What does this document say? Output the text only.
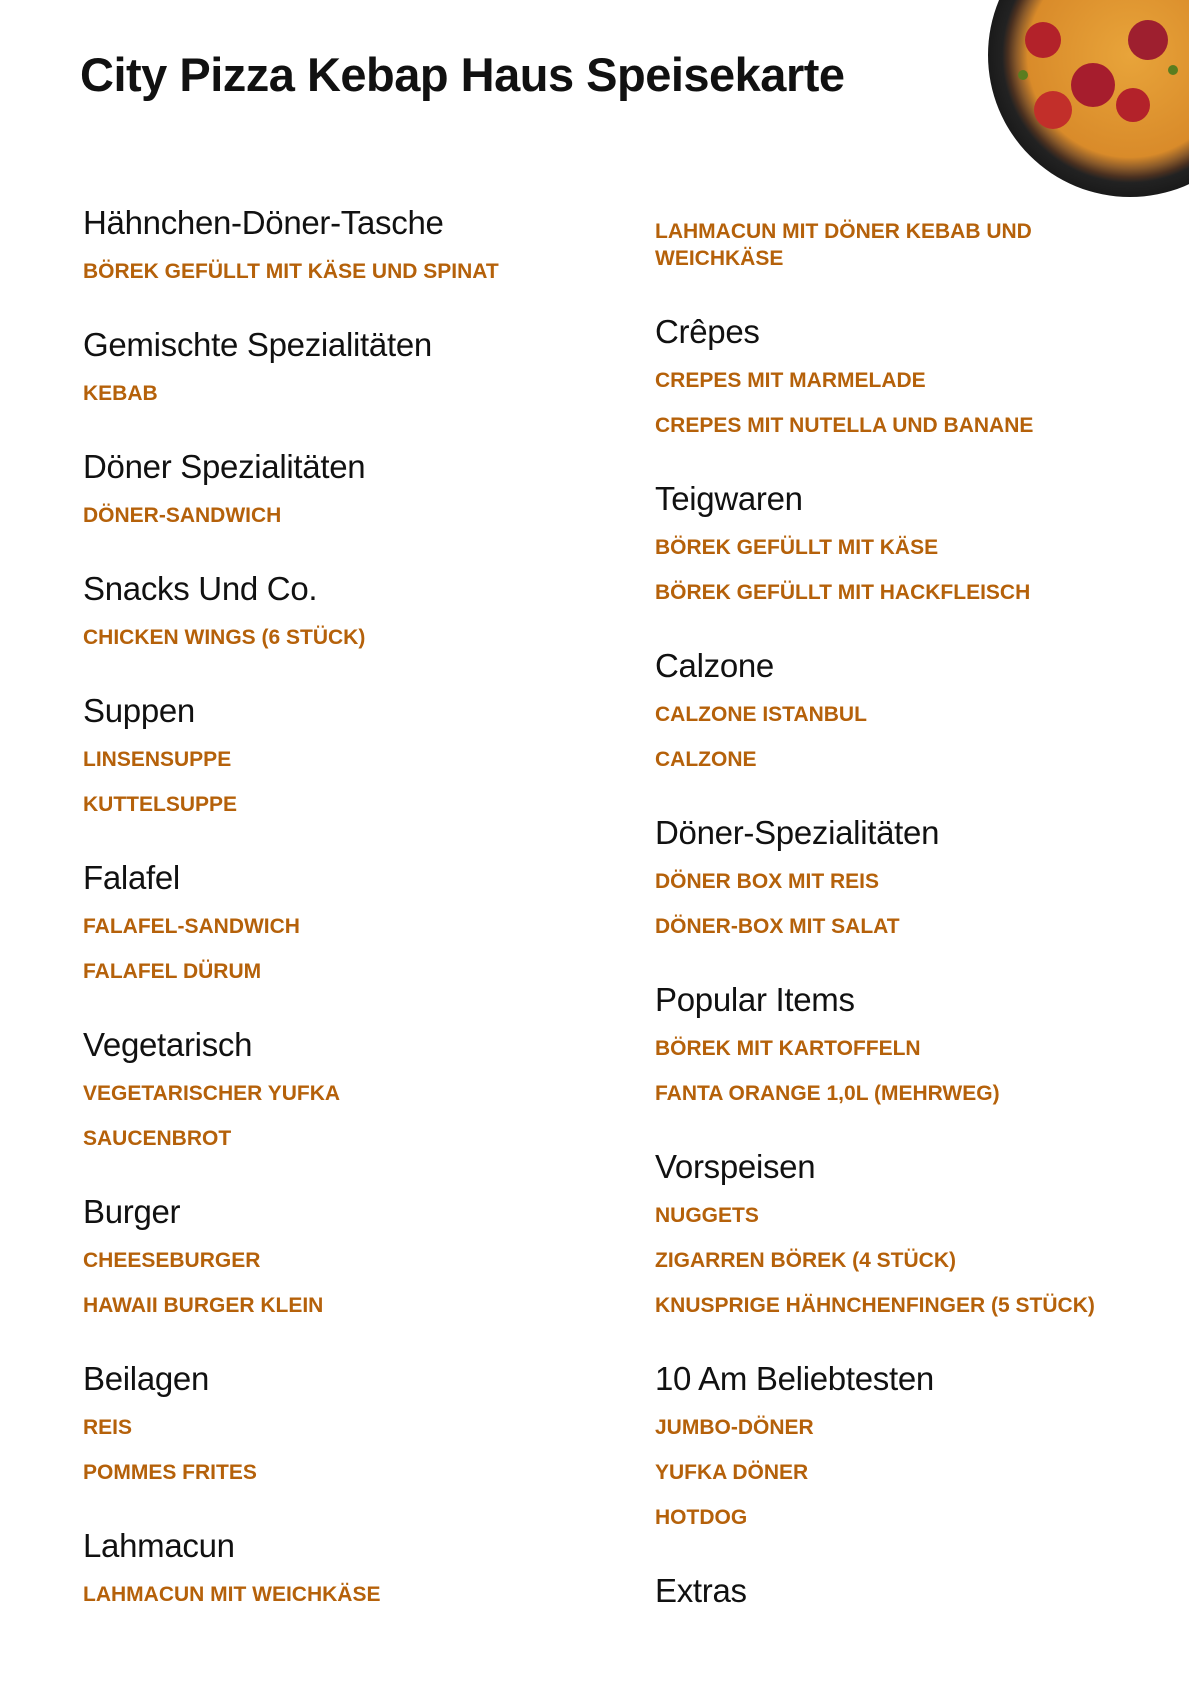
City Pizza Kebap Haus Speisekarte
Hähnchen-Döner-Tasche

BÖREK GEFÜLLT MIT KÄSE UND SPINAT

Gemischte Spezialitäten

KEBAB

Döner Spezialitäten

DÖNER-SANDWICH

Snacks Und Co.

CHICKEN WINGS (6 STÜCK)

Suppen

LINSENSUPPE

KUTTELSUPPE

Falafel

FALAFEL-SANDWICH

FALAFEL DÜRUM

Vegetarisch

VEGETARISCHER YUFKA

SAUCENBROT

Burger

CHEESEBURGER

HAWAII BURGER KLEIN

Beilagen

REIS

POMMES FRITES

Lahmacun

LAHMACUN MIT WEICHKÄSE

LAHMACUN MIT DÖNER KEBAB UND WEICHKÄSE

Crêpes

CREPES MIT MARMELADE

CREPES MIT NUTELLA UND BANANE

Teigwaren

BÖREK GEFÜLLT MIT KÄSE

BÖREK GEFÜLLT MIT HACKFLEISCH

Calzone

CALZONE ISTANBUL

CALZONE

Döner-Spezialitäten

DÖNER BOX MIT REIS

DÖNER-BOX MIT SALAT

Popular Items

BÖREK MIT KARTOFFELN

FANTA ORANGE 1,0L (MEHRWEG)

Vorspeisen

NUGGETS

ZIGARREN BÖREK (4 STÜCK)

KNUSPRIGE HÄHNCHENFINGER (5 STÜCK)

10 Am Beliebtesten

JUMBO-DÖNER

YUFKA DÖNER

HOTDOG

Extras
